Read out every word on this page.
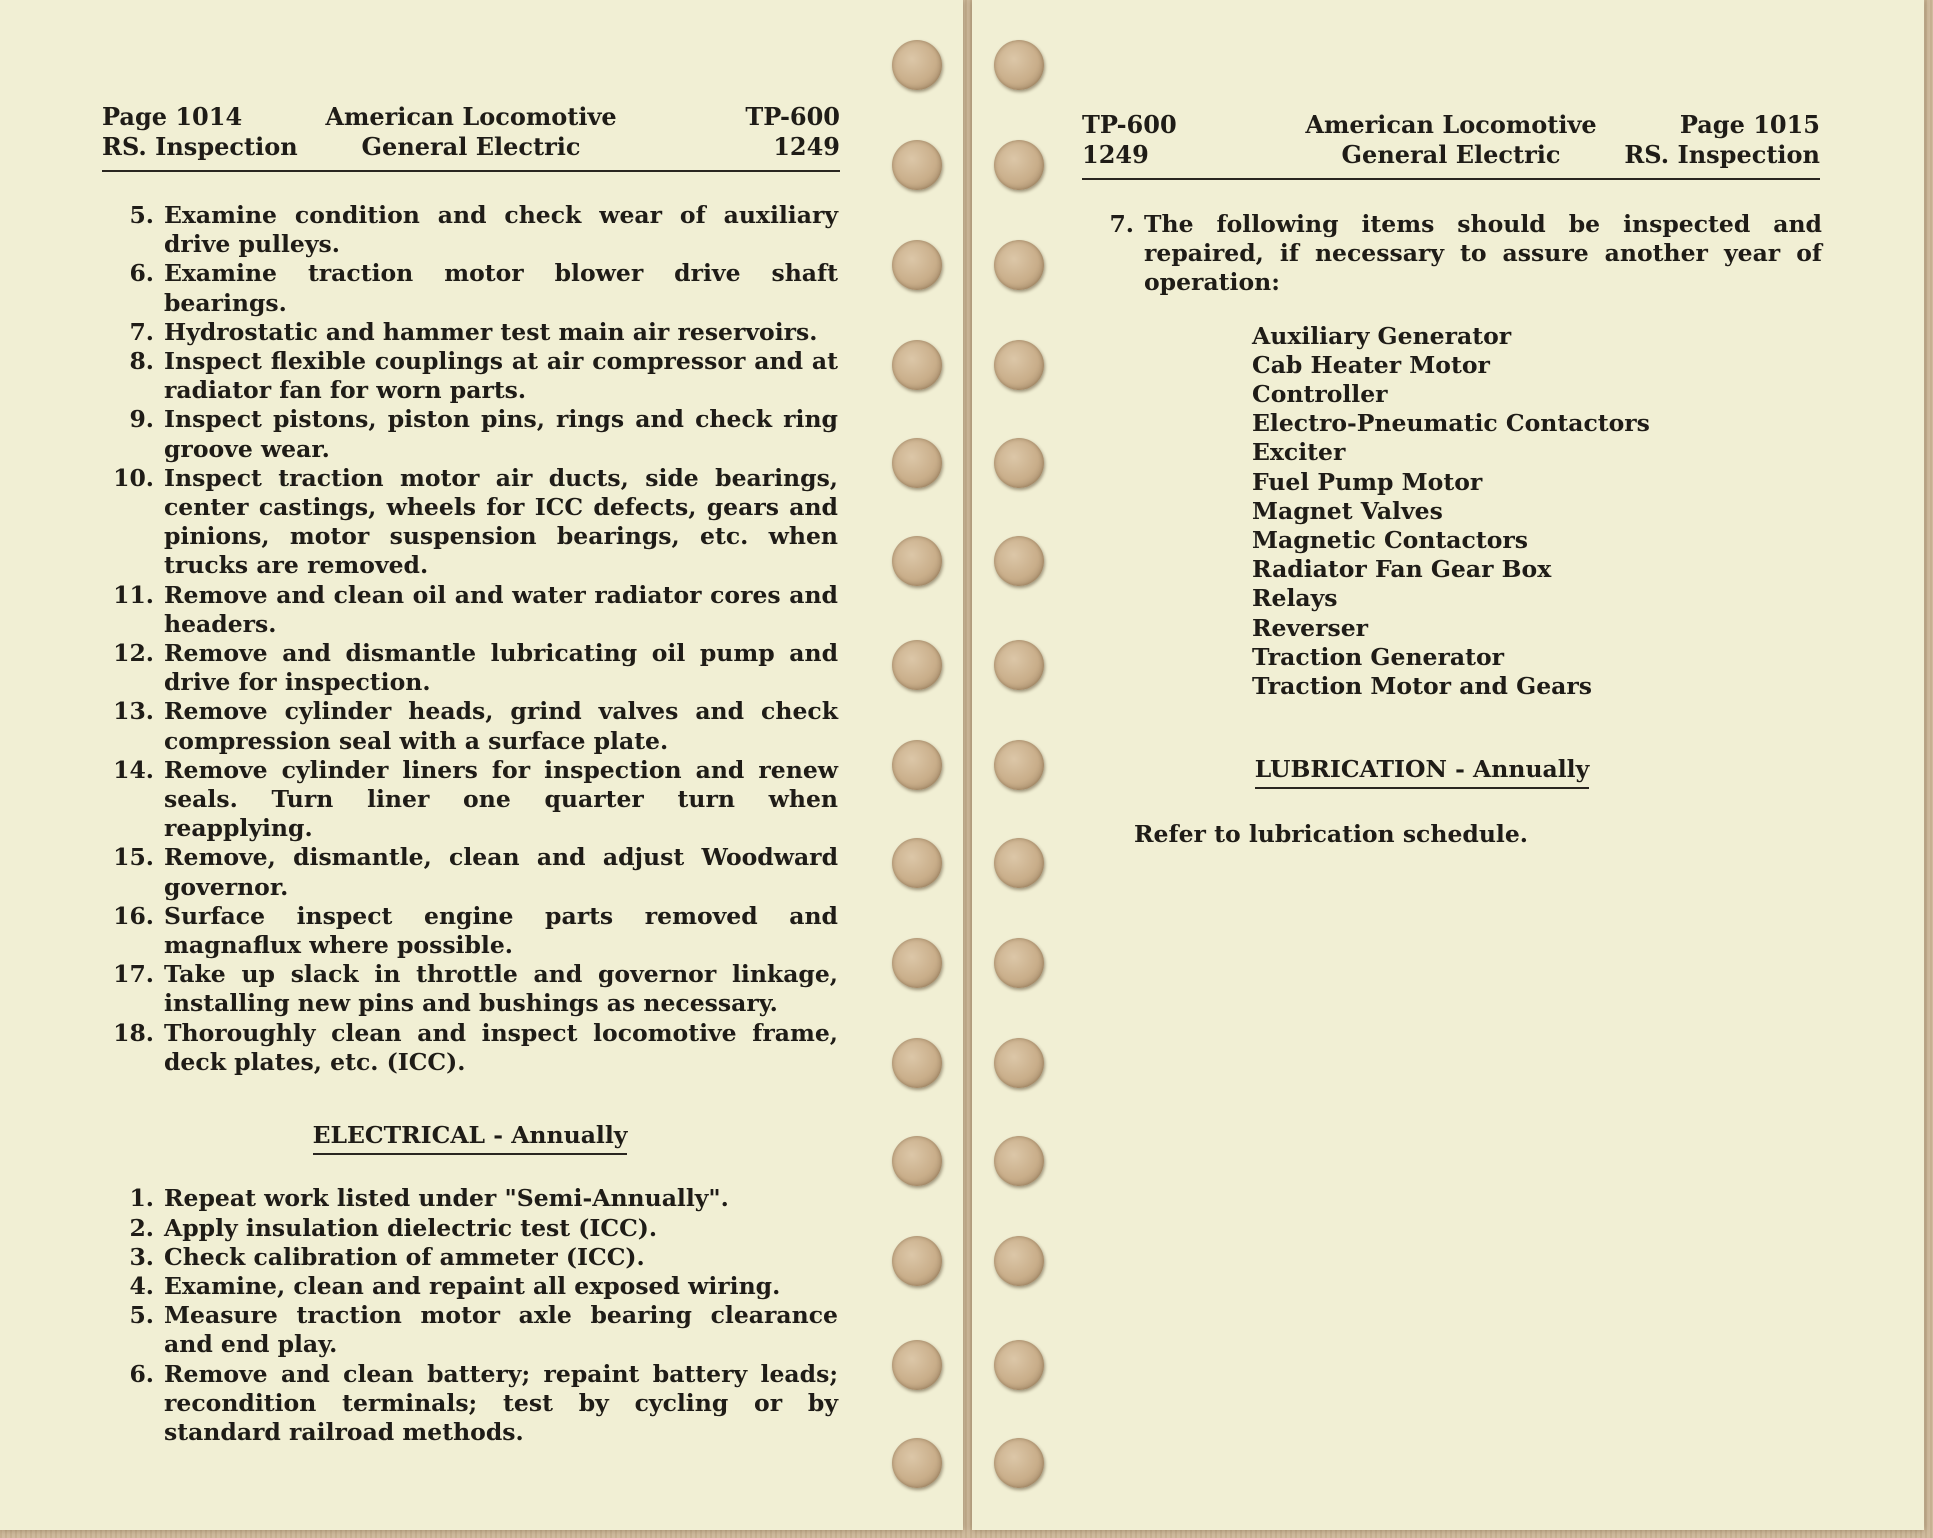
Page 1014
RS. Inspection
American Locomotive
General Electric
TP-600
1249
5. Examine condition and check wear of auxiliary drive pulleys.
6. Examine traction motor blower drive shaft bearings.
7. Hydrostatic and hammer test main air reservoirs.
8. Inspect flexible couplings at air compressor and at radiator fan for worn parts.
9. Inspect pistons, piston pins, rings and check ring groove wear.
10. Inspect traction motor air ducts, side bearings, center castings, wheels for ICC defects, gears and pinions, motor suspension bearings, etc. when trucks are removed.
11. Remove and clean oil and water radiator cores and headers.
12. Remove and dismantle lubricating oil pump and drive for inspection.
13. Remove cylinder heads, grind valves and check compression seal with a surface plate.
14. Remove cylinder liners for inspection and renew seals. Turn liner one quarter turn when reapplying.
15. Remove, dismantle, clean and adjust Woodward governor.
16. Surface inspect engine parts removed and magnaflux where possible.
17. Take up slack in throttle and governor linkage, installing new pins and bushings as necessary.
18. Thoroughly clean and inspect locomotive frame, deck plates, etc. (ICC).
ELECTRICAL - Annually
1. Repeat work listed under "Semi-Annually".
2. Apply insulation dielectric test (ICC).
3. Check calibration of ammeter (ICC).
4. Examine, clean and repaint all exposed wiring.
5. Measure traction motor axle bearing clearance and end play.
6. Remove and clean battery; repaint battery leads; recondition terminals; test by cycling or by standard railroad methods.
TP-600
1249
American Locomotive
General Electric
Page 1015
RS. Inspection
7. The following items should be inspected and repaired, if necessary to assure another year of operation:
Auxiliary Generator
Cab Heater Motor
Controller
Electro-Pneumatic Contactors
Exciter
Fuel Pump Motor
Magnet Valves
Magnetic Contactors
Radiator Fan Gear Box
Relays
Reverser
Traction Generator
Traction Motor and Gears
LUBRICATION - Annually
Refer to lubrication schedule.
